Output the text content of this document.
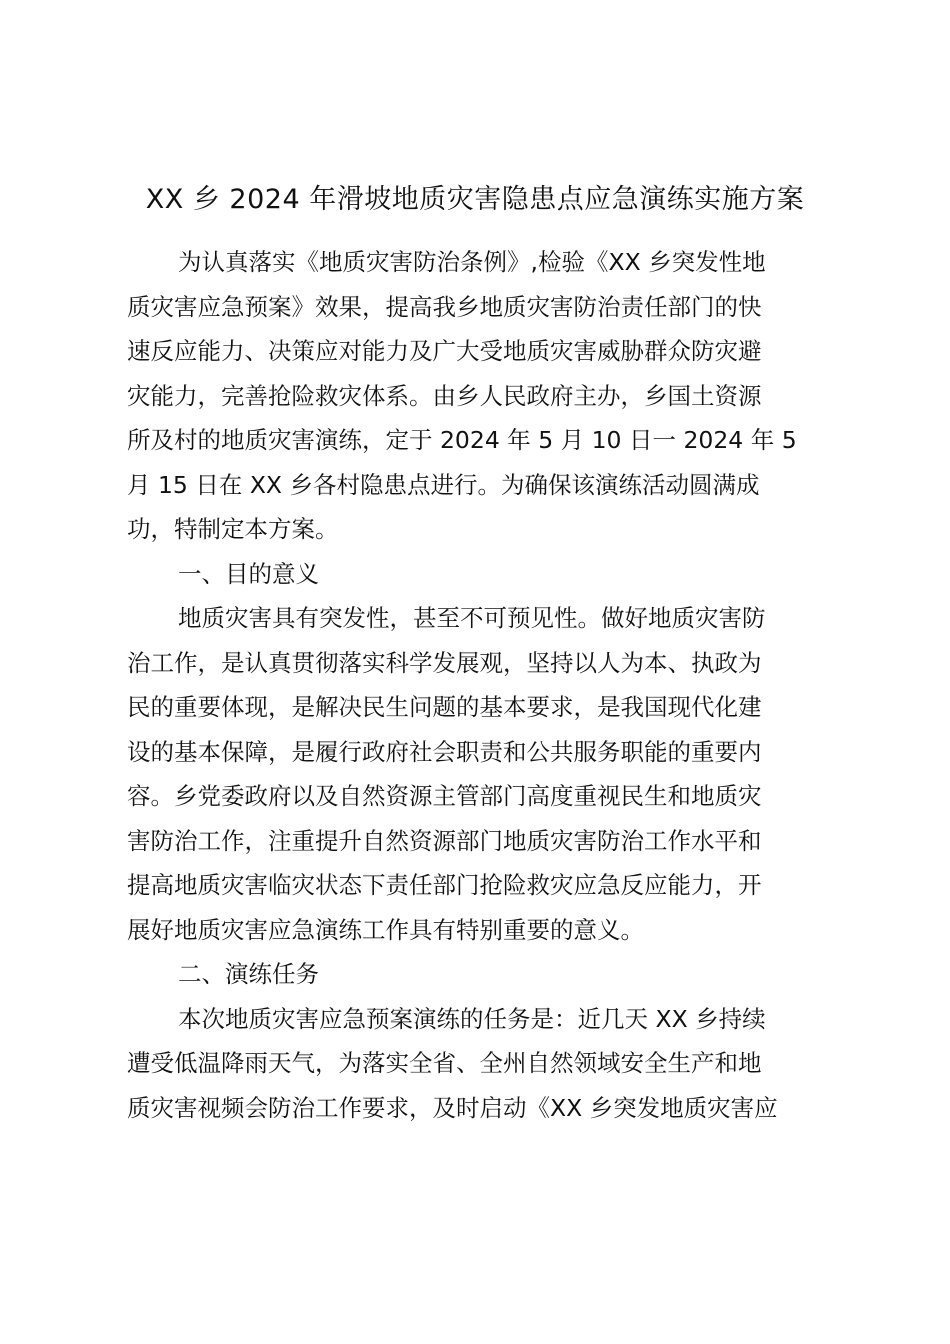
XX 乡 2024 年滑坡地质灾害隐患点应急演练实施方案
为认真落实《地质灾害防治条例》,检验《XX 乡突发性地
质灾害应急预案》效果，提高我乡地质灾害防治责任部门的快
速反应能力、决策应对能力及广大受地质灾害威胁群众防灾避
灾能力，完善抢险救灾体系。由乡人民政府主办，乡国土资源
所及村的地质灾害演练，定于 2024 年 5 月 10 日一 2024 年 5
月 15 日在 XX 乡各村隐患点进行。为确保该演练活动圆满成
功，特制定本方案。
一、目的意义
地质灾害具有突发性，甚至不可预见性。做好地质灾害防
治工作，是认真贯彻落实科学发展观，坚持以人为本、执政为
民的重要体现，是解决民生问题的基本要求，是我国现代化建
设的基本保障，是履行政府社会职责和公共服务职能的重要内
容。乡党委政府以及自然资源主管部门高度重视民生和地质灾
害防治工作，注重提升自然资源部门地质灾害防治工作水平和
提高地质灾害临灾状态下责任部门抢险救灾应急反应能力，开
展好地质灾害应急演练工作具有特别重要的意义。
二、演练任务
本次地质灾害应急预案演练的任务是：近几天 XX 乡持续
遭受低温降雨天气，为落实全省、全州自然领域安全生产和地
质灾害视频会防治工作要求，及时启动《XX 乡突发地质灾害应
